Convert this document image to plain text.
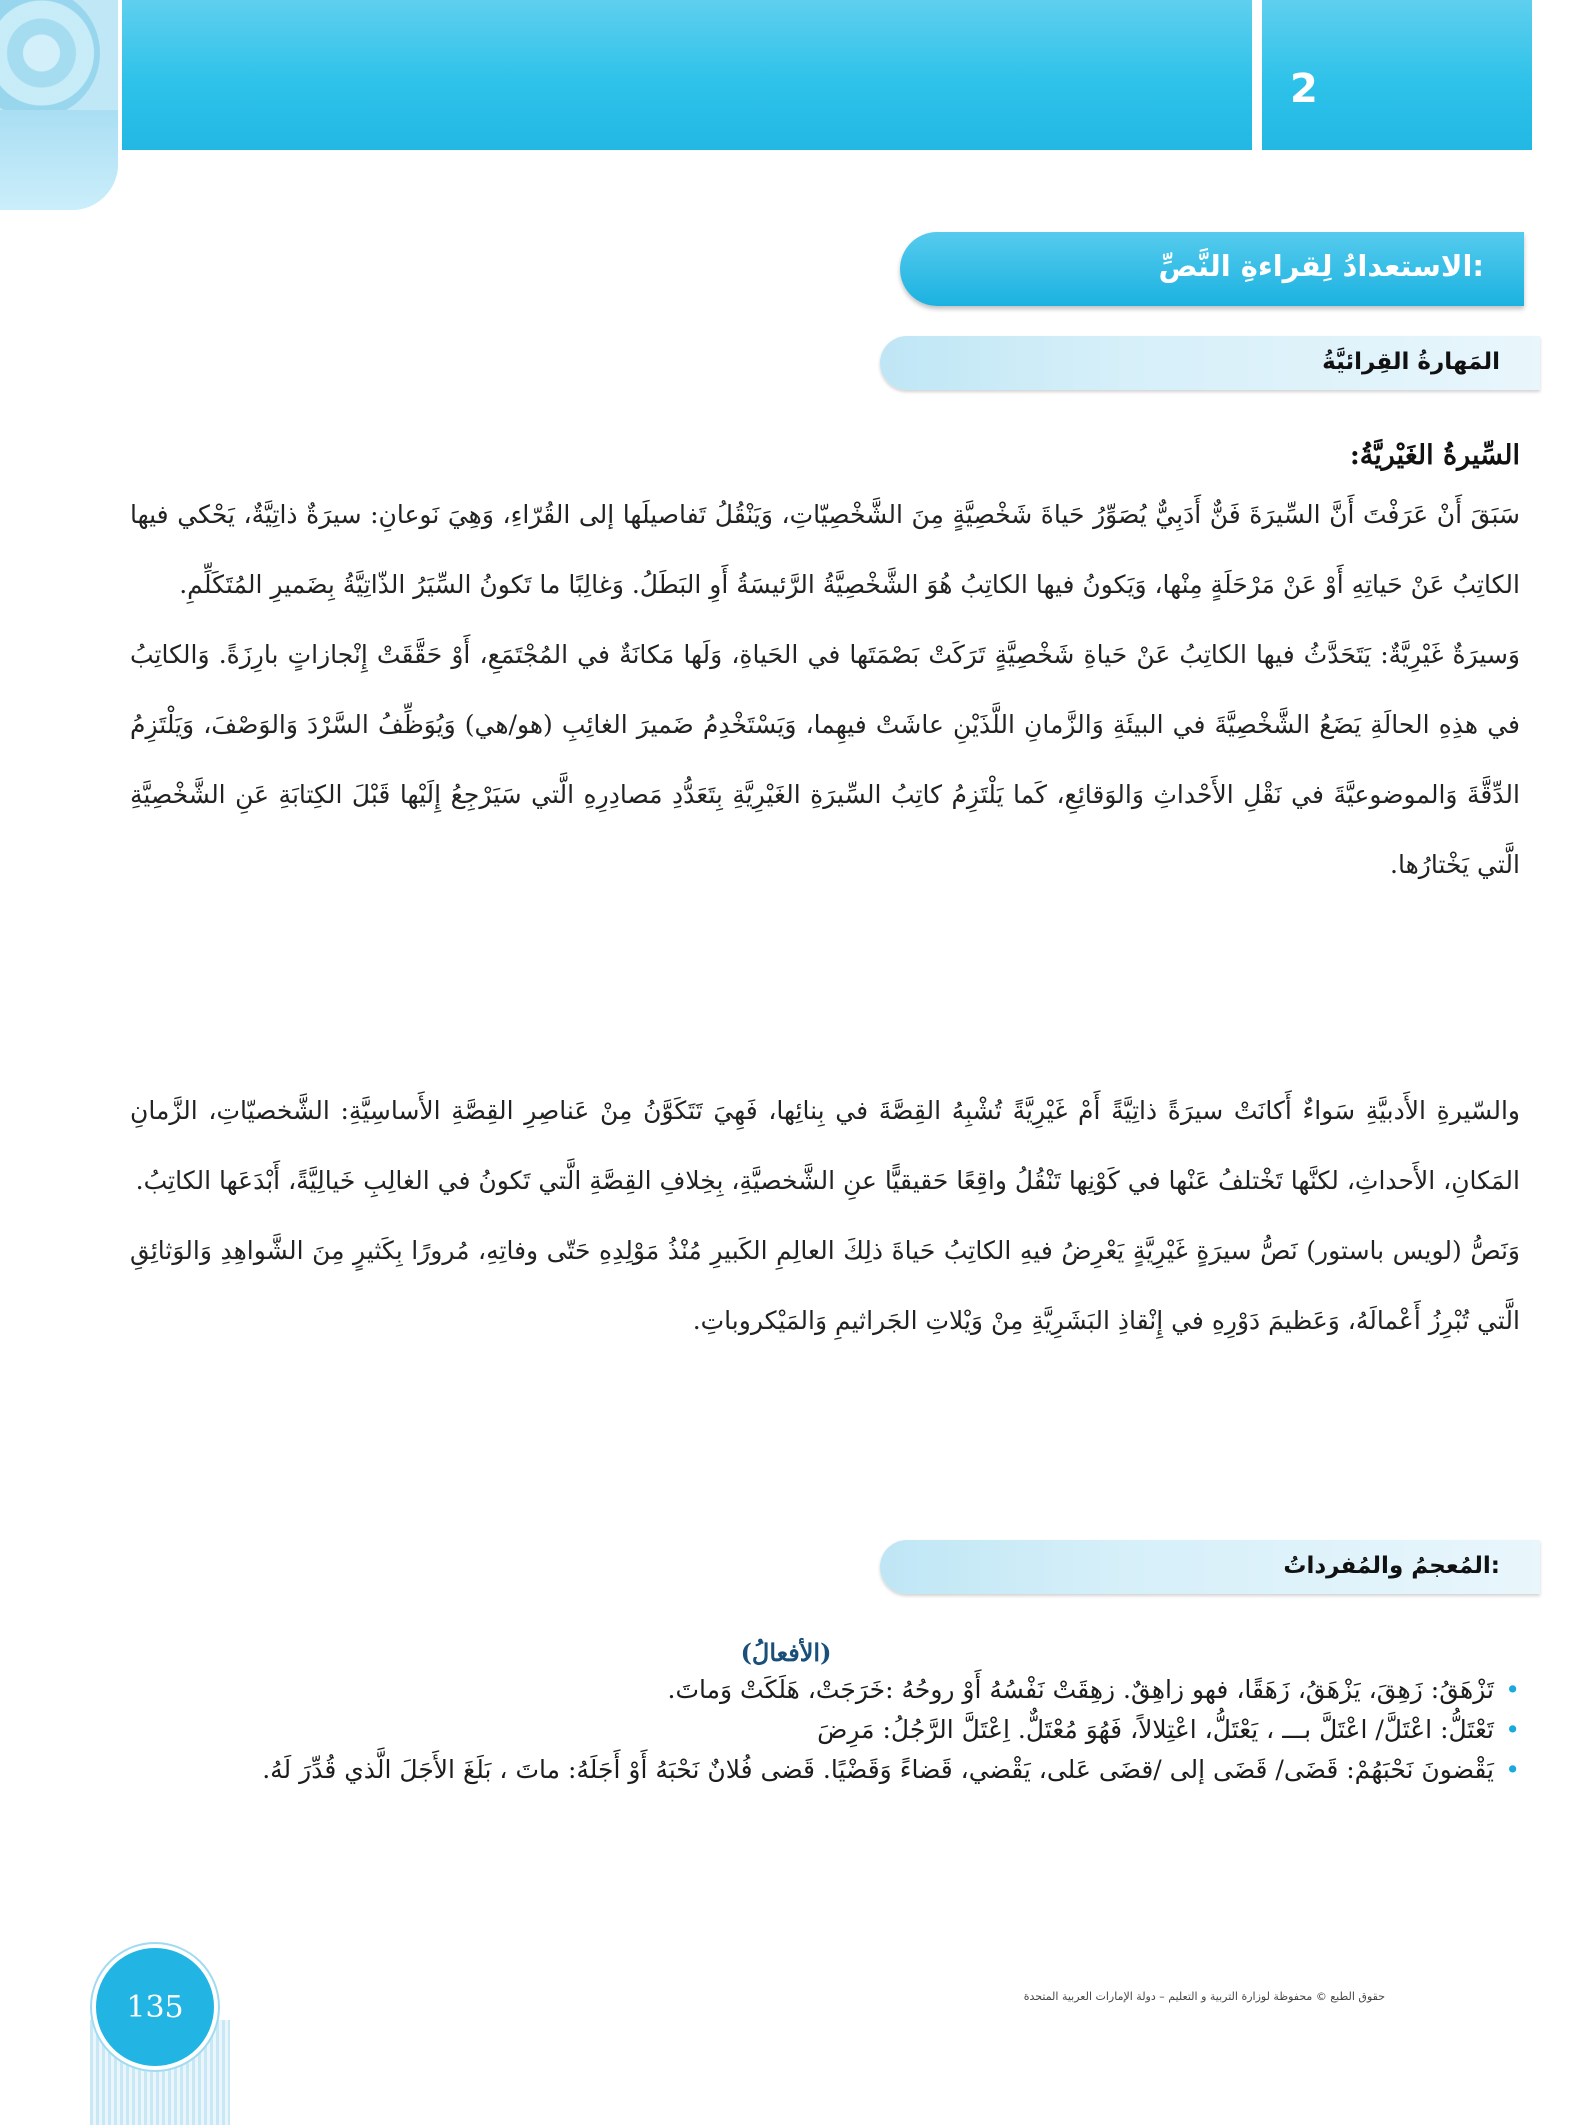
2
الاستعدادُ لِقراءةِ النَّصِّ:
المَهارةُ القِرائيَّةُ
السِّيرةُ الغَيْريَّةُ:

سَبَقَ أَنْ عَرَفْتَ أَنَّ السِّيرَةَ فَنٌّ أَدَبِيٌّ يُصَوِّرُ حَياةَ شَخْصِيَّةٍ مِنَ الشَّخْصِيّاتِ، وَيَنْقُلُ تَفاصيلَها إلى القُرّاءِ، وَهِيَ نَوعانِ: سيرَةٌ ذاتِيَّةٌ، يَحْكي فيها الكاتِبُ عَنْ حَياتِهِ أَوْ عَنْ مَرْحَلَةٍ مِنْها، وَيَكونُ فيها الكاتِبُ هُوَ الشَّخْصِيَّةُ الرَّئيسَةُ أَوِ البَطَلُ. وَغالِبًا ما تَكونُ السِّيَرُ الذّاتِيَّةُ بِضَميرِ المُتَكَلِّمِ.

وَسيرَةٌ غَيْرِيَّةٌ: يَتَحَدَّثُ فيها الكاتِبُ عَنْ حَياةِ شَخْصِيَّةٍ تَرَكَتْ بَصْمَتَها في الحَياةِ، وَلَها مَكانَةٌ في المُجْتَمَعِ، أَوْ حَقَّقَتْ إِنْجازاتٍ بارِزَةً. وَالكاتِبُ في هذِهِ الحالَةِ يَضَعُ الشَّخْصِيَّةَ في البيئَةِ وَالزَّمانِ اللَّذَيْنِ عاشَتْ فيهِما، وَيَسْتَخْدِمُ ضَميرَ الغائِبِ (هو/هي) وَيُوَظِّفُ السَّرْدَ وَالوَصْفَ، وَيَلْتَزِمُ الدِّقَّةَ وَالموضوعيَّةَ في نَقْلِ الأَحْداثِ وَالوَقائِعِ، كَما يَلْتَزِمُ كاتِبُ السِّيرَةِ الغَيْرِيَّةِ بِتَعَدُّدِ مَصادِرِهِ الَّتي سَيَرْجِعُ إِلَيْها قَبْلَ الكِتابَةِ عَنِ الشَّخْصِيَّةِ الَّتي يَخْتارُها.

والسّيرةِ الأَدبيَّةِ سَواءٌ أَكانَتْ سيرَةً ذاتِيَّةً أَمْ غَيْرِيَّةً تُشْبِهُ القِصَّةَ في بِنائِها، فَهِيَ تَتَكَوَّنُ مِنْ عَناصِرِ القِصَّةِ الأَساسِيَّةِ: الشَّخصيّاتِ، الزَّمانِ المَكانِ، الأَحداثِ، لكنَّها تَخْتلفُ عَنْها في كَوْنِها تَنْقُلُ واقِعًا حَقيقيًّا عنِ الشَّخصيَّةِ، بِخِلافِ القِصَّةِ الَّتي تَكونُ في الغالِبِ خَيالِيَّةً، أَبْدَعَها الكاتِبُ.

وَنَصُّ (لويس باستور) نَصُّ سيرَةٍ غَيْرِيَّةٍ يَعْرِضُ فيهِ الكاتِبُ حَياةَ ذلِكَ العالِمِ الكَبيرِ مُنْذُ مَوْلِدِهِ حَتّى وفاتِهِ، مُرورًا بِكَثيرٍ مِنَ الشَّواهِدِ وَالوَثائِقِ الَّتي تُبْرِزُ أَعْمالَهُ، وَعَظيمَ دَوْرِهِ في إِنْقاذِ البَشَرِيَّةِ مِنْ وَيْلاتِ الجَراثيمِ وَالمَيْكروباتِ.

المُعجمُ والمُفرداتُ:
(الأفعالُ)
•
تَزْهَقُ: زَهِقَ، يَزْهَقُ، زَهَقًا، فهو زاهِقٌ. زهِقَتْ نَفْسُهُ أَوْ روحُهُ :خَرَجَتْ، هَلَكَتْ وَماتَ.
•
تَعْتَلُّ: اعْتَلَّ/ اعْتَلَّ بـــ ، يَعْتَلُّ، اعْتِلالاً، فَهُوَ مُعْتَلٌّ. اِعْتَلَّ الرَّجُلُ: مَرِضَ
•
يَقْضونَ نَحْبَهُمْ: قَضَى/ قَضَى إلى /قضَى عَلى، يَقْضي، قَضاءً وَقَضْيًا. قَضى فُلانٌ نَحْبَهُ أَوْ أَجَلَهُ: ماتَ ، بَلَغَ الأَجَلَ الَّذي قُدِّرَ لَهُ.
135	حقوق الطبع © محفوظة لوزارة التربية و التعليم – دولة الإمارات العربية المتحدة
